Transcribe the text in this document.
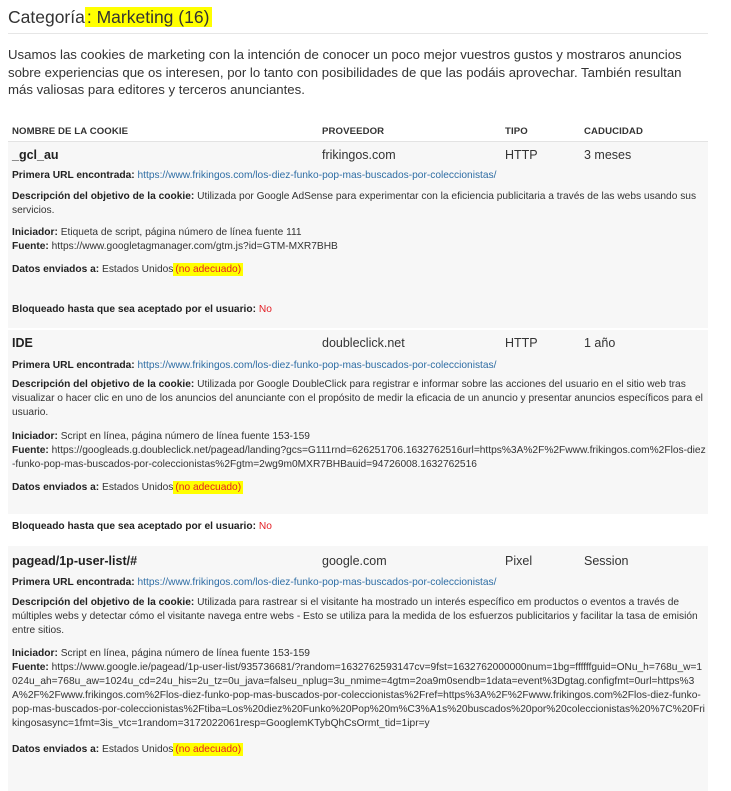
Categoría : Marketing (16)
Usamos las cookies de marketing con la intención de conocer un poco mejor vuestros gustos y mostraros anuncios sobre experiencias que os interesen, por lo tanto con posibilidades de que las podáis aprovechar. También resultan más valiosas para editores y terceros anunciantes.
NOMBRE DE LA COOKIE	PROVEEDOR	TIPO	CADUCIDAD
_gcl_au	frikingos.com	HTTP	3 meses
Primera URL encontrada: https://www.frikingos.com/los-diez-funko-pop-mas-buscados-por-coleccionistas/
Descripción del objetivo de la cookie: Utilizada por Google AdSense para experimentar con la eficiencia publicitaria a través de las webs usando sus servicios.
Iniciador: Etiqueta de script, página número de línea fuente 111
Fuente: https://www.googletagmanager.com/gtm.js?id=GTM-MXR7BHB
Datos enviados a: Estados Unidos (no adecuado)
Bloqueado hasta que sea aceptado por el usuario: No
IDE	doubleclick.net	HTTP	1 año
Primera URL encontrada: https://www.frikingos.com/los-diez-funko-pop-mas-buscados-por-coleccionistas/
Descripción del objetivo de la cookie: Utilizada por Google DoubleClick para registrar e informar sobre las acciones del usuario en el sitio web tras visualizar o hacer clic en uno de los anuncios del anunciante con el propósito de medir la eficacia de un anuncio y presentar anuncios específicos para el usuario.
Iniciador: Script en línea, página número de línea fuente 153-159
Fuente: https://googleads.g.doubleclick.net/pagead/landing?gcs=G111rnd=626251706.1632762516url=https%3A%2F%2Fwww.frikingos.com%2Flos-diez-funko-pop-mas-buscados-por-coleccionistas%2Fgtm=2wg9m0MXR7BHBauid=94726008.1632762516
Datos enviados a: Estados Unidos (no adecuado)
Bloqueado hasta que sea aceptado por el usuario: No
pagead/1p-user-list/#	google.com	Pixel	Session
Primera URL encontrada: https://www.frikingos.com/los-diez-funko-pop-mas-buscados-por-coleccionistas/
Descripción del objetivo de la cookie: Utilizada para rastrear si el visitante ha mostrado un interés específico em productos o eventos a través de múltiples webs y detectar cómo el visitante navega entre webs - Esto se utiliza para la medida de los esfuerzos publicitarios y facilitar la tasa de emisión entre sitios.
Iniciador: Script en línea, página número de línea fuente 153-159
Fuente: https://www.google.ie/pagead/1p-user-list/935736681/?random=1632762593147cv=9fst=1632762000000num=1bg=ffffffguid=ONu_h=768u_w=1024u_ah=768u_aw=1024u_cd=24u_his=2u_tz=0u_java=falseu_nplug=3u_nmime=4gtm=2oa9m0sendb=1data=event%3Dgtag.configfmt=0url=https%3A%2F%2Fwww.frikingos.com%2Flos-diez-funko-pop-mas-buscados-por-coleccionistas%2Fref=https%3A%2F%2Fwww.frikingos.com%2Flos-diez-funko-pop-mas-buscados-por-coleccionistas%2Ftiba=Los%20diez%20Funko%20Pop%20m%C3%A1s%20buscados%20por%20coleccionistas%20%7C%20Frikingosasync=1fmt=3is_vtc=1random=3172022061resp=GooglemKTybQhCsOrmt_tid=1ipr=y
Datos enviados a: Estados Unidos (no adecuado)
